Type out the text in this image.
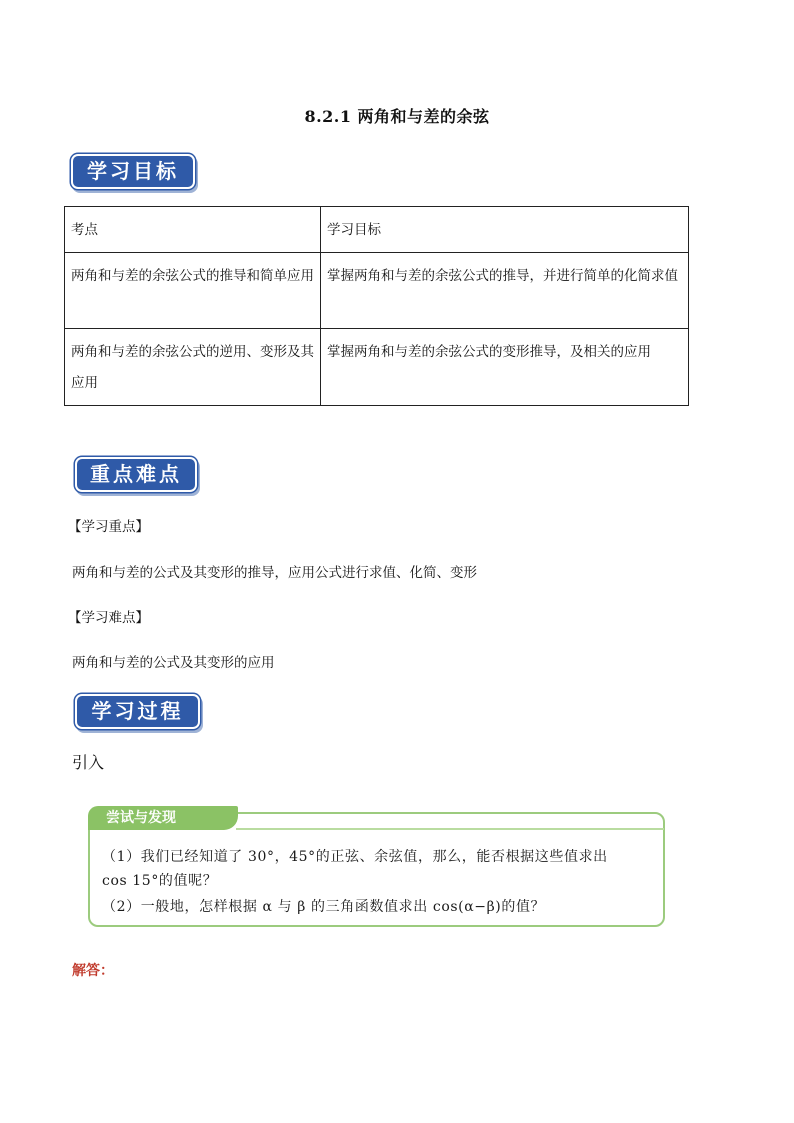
8.2.1 两角和与差的余弦
学习目标
考点	学习目标
两角和与差的余弦公式的推导和简单应用	掌握两角和与差的余弦公式的推导，并进行简单的化简求值
两角和与差的余弦公式的逆用、变形及其应用	掌握两角和与差的余弦公式的变形推导，及相关的应用
重点难点
【学习重点】
两角和与差的公式及其变形的推导，应用公式进行求值、化简、变形
【学习难点】
两角和与差的公式及其变形的应用
学习过程
引入
尝试与发现
（1）我们已经知道了 30°，45°的正弦、余弦值，那么，能否根据这些值求出
cos 15°的值呢？
（2）一般地，怎样根据 α 与 β 的三角函数值求出 cos(α−β)的值？
解答：
